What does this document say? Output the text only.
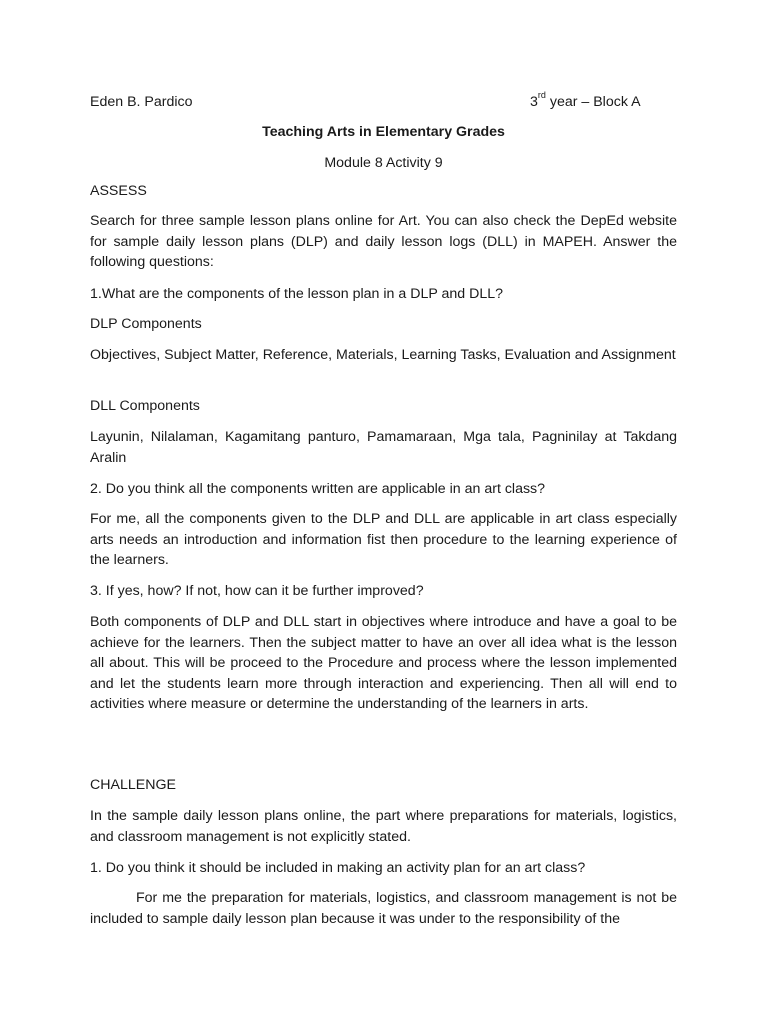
Eden B. Pardico	3rd year – Block A
Teaching Arts in Elementary Grades
Module 8 Activity 9

ASSESS

Search for three sample lesson plans online for Art. You can also check the DepEd website for sample daily lesson plans (DLP) and daily lesson logs (DLL) in MAPEH. Answer the following questions:

1.What are the components of the lesson plan in a DLP and DLL?

DLP Components

Objectives, Subject Matter, Reference, Materials, Learning Tasks, Evaluation and Assignment

DLL Components

Layunin, Nilalaman, Kagamitang panturo, Pamamaraan, Mga tala, Pagninilay at Takdang Aralin

2. Do you think all the components written are applicable in an art class?

For me, all the components given to the DLP and DLL are applicable in art class especially arts needs an introduction and information fist then procedure to the learning experience of the learners.

3. If yes, how? If not, how can it be further improved?

Both components of DLP and DLL start in objectives where introduce and have a goal to be achieve for the learners. Then the subject matter to have an over all idea what is the lesson all about. This will be proceed to the Procedure and process where the lesson implemented and let the students learn more through interaction and experiencing. Then all will end to activities where measure or determine the understanding of the learners in arts.

CHALLENGE

In the sample daily lesson plans online, the part where preparations for materials, logistics, and classroom management is not explicitly stated.

1. Do you think it should be included in making an activity plan for an art class?

For me the preparation for materials, logistics, and classroom management is not be included to sample daily lesson plan because it was under to the responsibility of the
